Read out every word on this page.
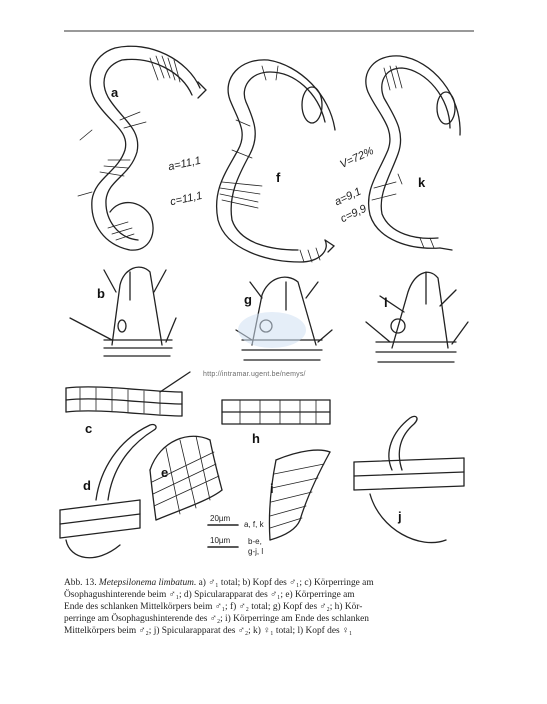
a
b
c
d
e
f
g
h
i
j
k
l
a=11,1
c=11,1
V=72%
a=9,1
c=9,9
http://intramar.ugent.be/nemys/
20µm
a, f, k
10µm b-e,
g-j, l
Abb. 13. Metepsilonema limbatum. a) ♂₁ total; b) Kopf des ♂₁; c) Körperringe am
Ösophagushinterende beim ♂₁; d) Spicularapparat des ♂₁; e) Körperringe am
Ende des schlanken Mittelkörpers beim ♂₁; f) ♂₂ total; g) Kopf des ♂₂; h) Kör-
perringe am Ösophagushinterende des ♂₂; i) Körperringe am Ende des schlanken
Mittelkörpers beim ♂₂; j) Spicularapparat des ♂₂; k) ♀₁ total; l) Kopf des ♀₁
